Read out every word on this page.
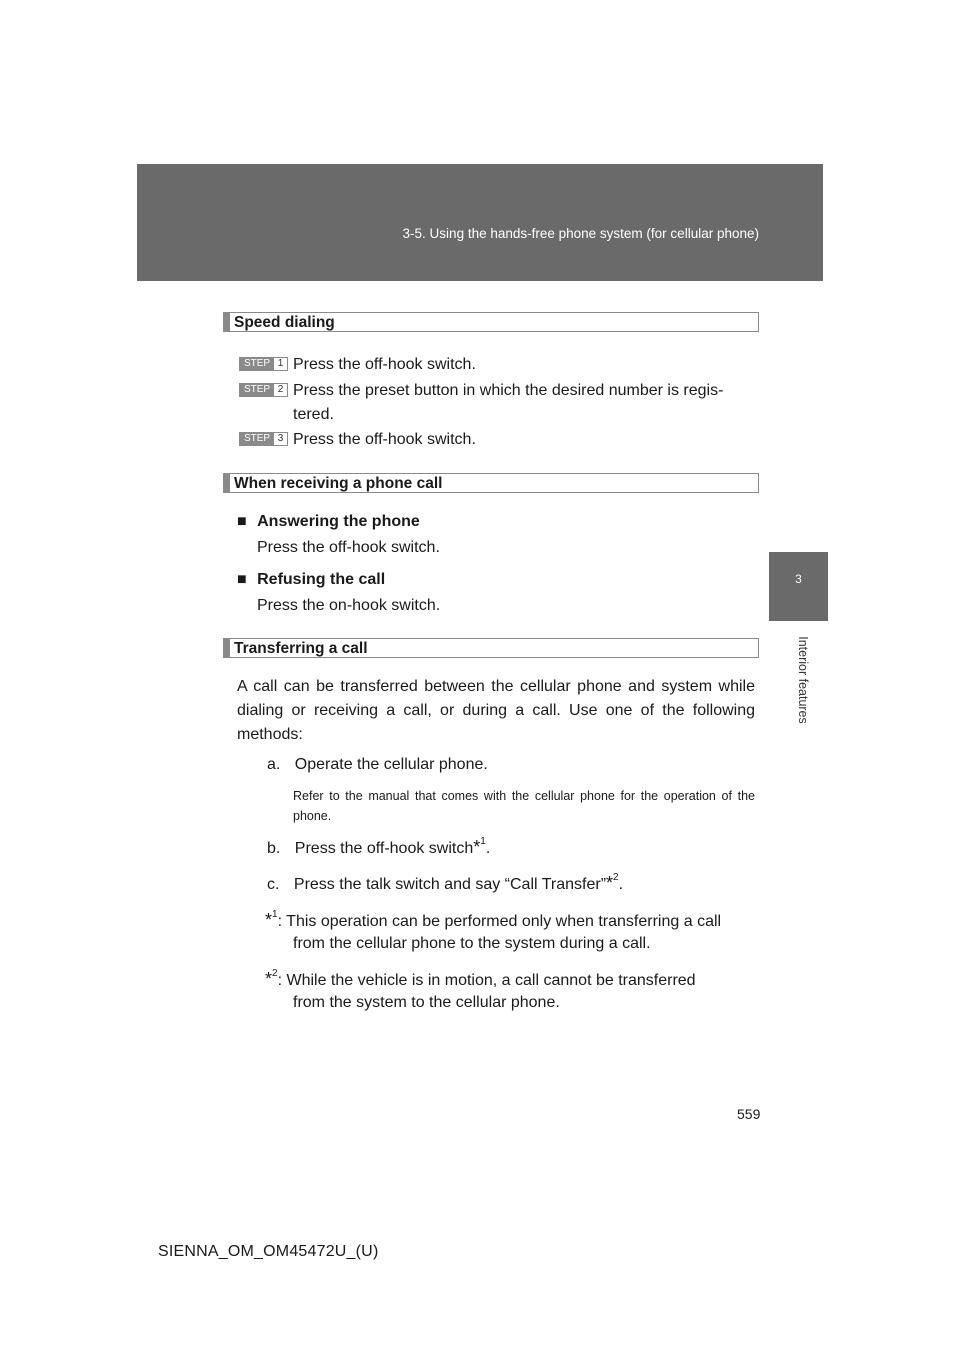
3-5. Using the hands-free phone system (for cellular phone)
3
Interior features
Speed dialing
STEP 1 Press the off-hook switch.
STEP 2 Press the preset button in which the desired number is regis-
tered.
STEP 3 Press the off-hook switch.
When receiving a phone call
■ Answering the phone
Press the off-hook switch.
■ Refusing the call
Press the on-hook switch.
Transferring a call
A call can be transferred between the cellular phone and system while dialing or receiving a call, or during a call. Use one of the following methods:
a. Operate the cellular phone.
Refer to the manual that comes with the cellular phone for the operation of the phone.
b. Press the off-hook switch*$^1$.
c. Press the talk switch and say “Call Transfer”*$^2$.
*$^1$: This operation can be performed only when transferring a call
from the cellular phone to the system during a call.
*$^2$: While the vehicle is in motion, a call cannot be transferred
from the system to the cellular phone.
559
SIENNA_OM_OM45472U_(U)
